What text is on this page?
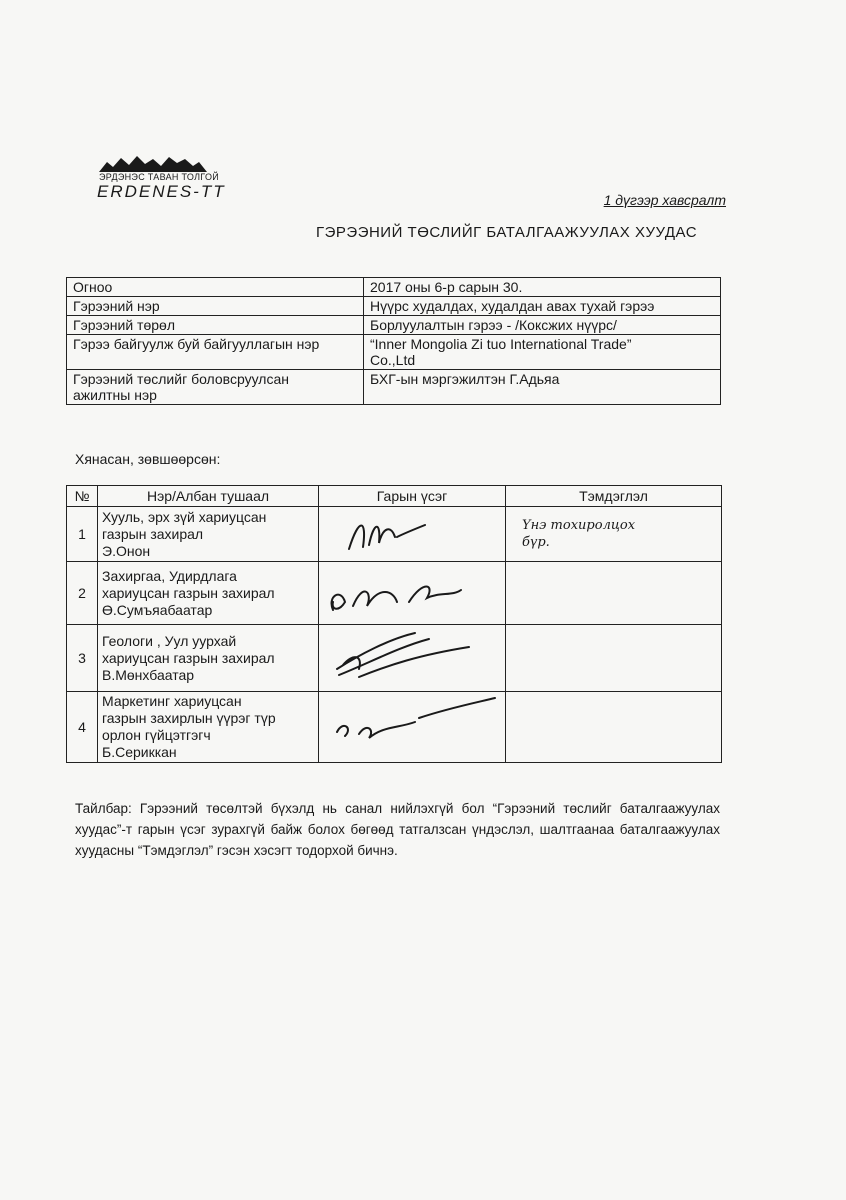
ЭРДЭНЭС ТАВАН ТОЛГОЙ
ERDENES-TT	1 дүгээр хавсралт
ГЭРЭЭНИЙ ТӨСЛИЙГ БАТАЛГААЖУУЛАХ ХУУДАС
Огноо	2017 оны 6-р сарын 30.

Гэрээний нэр	Нүүрс худалдах, худалдан авах тухай гэрээ

Гэрээний төрөл	Борлуулалтын гэрээ - /Коксжих нүүрс/

Гэрээ байгуулж буй байгууллагын нэр	“Inner Mongolia Zi tuo International Trade”
Co.,Ltd

Гэрээний төслийг боловсруулсан
ажилтны нэр	БХГ-ын мэргэжилтэн Г.Адьяа
Хянасан, зөвшөөрсөн:
№	Нэр/Албан тушаал	Гарын үсэг	Тэмдэглэл
1	Хууль, эрх зүй хариуцсан
газрын захирал
Э.Онон		Үнэ тохиролцох бүр.

2	Захиргаа, Удирдлага
хариуцсан газрын захирал
Ө.Сумъяабаатар

3	Геологи , Уул уурхай
хариуцсан газрын захирал
В.Мөнхбаатар

4	Маркетинг хариуцсан
газрын захирлын үүрэг түр
орлон гүйцэтгэгч
Б.Сериккан

Тайлбар: Гэрээний төсөлтэй бүхэлд нь санал нийлэхгүй бол “Гэрээний төслийг баталгаажуулах хуудас”-т гарын үсэг зурахгүй байж болох бөгөөд татгалзсан үндэслэл, шалтгаанаа баталгаажуулах хуудасны “Тэмдэглэл” гэсэн хэсэгт тодорхой бичнэ.
